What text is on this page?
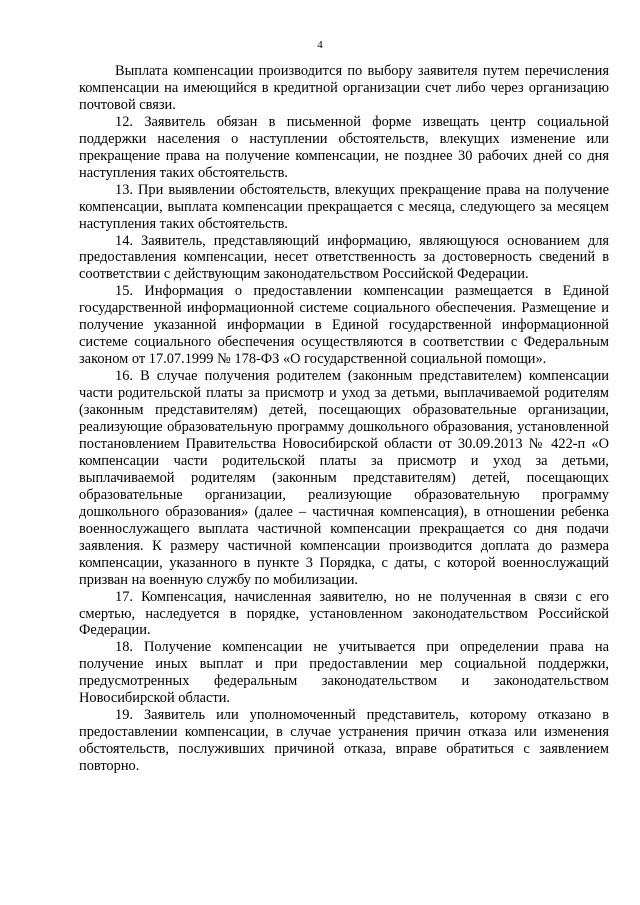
4

Выплата компенсации производится по выбору заявителя путем перечисления компенсации на имеющийся в кредитной организации счет либо через организацию почтовой связи.

12. Заявитель обязан в письменной форме извещать центр социальной поддержки населения о наступлении обстоятельств, влекущих изменение или прекращение права на получение компенсации, не позднее 30 рабочих дней со дня наступления таких обстоятельств.

13. При выявлении обстоятельств, влекущих прекращение права на получение компенсации, выплата компенсации прекращается с месяца, следующего за месяцем наступления таких обстоятельств.

14. Заявитель, представляющий информацию, являющуюся основанием для предоставления компенсации, несет ответственность за достоверность сведений в соответствии с действующим законодательством Российской Федерации.

15. Информация о предоставлении компенсации размещается в Единой государственной информационной системе социального обеспечения. Размещение и получение указанной информации в Единой государственной информационной системе социального обеспечения осуществляются в соответствии с Федеральным законом от 17.07.1999 № 178-ФЗ «О государственной социальной помощи».

16. В случае получения родителем (законным представителем) компенсации части родительской платы за присмотр и уход за детьми, выплачиваемой родителям (законным представителям) детей, посещающих образовательные организации, реализующие образовательную программу дошкольного образования, установленной постановлением Правительства Новосибирской области от 30.09.2013 № 422-п «О компенсации части родительской платы за присмотр и уход за детьми, выплачиваемой родителям (законным представителям) детей, посещающих образовательные организации, реализующие образовательную программу дошкольного образования» (далее – частичная компенсация), в отношении ребенка военнослужащего выплата частичной компенсации прекращается со дня подачи заявления. К размеру частичной компенсации производится доплата до размера компенсации, указанного в пункте 3 Порядка, с даты, с которой военнослужащий призван на военную службу по мобилизации.

17. Компенсация, начисленная заявителю, но не полученная в связи с его смертью, наследуется в порядке, установленном законодательством Российской Федерации.

18. Получение компенсации не учитывается при определении права на получение иных выплат и при предоставлении мер социальной поддержки, предусмотренных федеральным законодательством и законодательством Новосибирской области.

19. Заявитель или уполномоченный представитель, которому отказано в предоставлении компенсации, в случае устранения причин отказа или изменения обстоятельств, послуживших причиной отказа, вправе обратиться с заявлением повторно.
